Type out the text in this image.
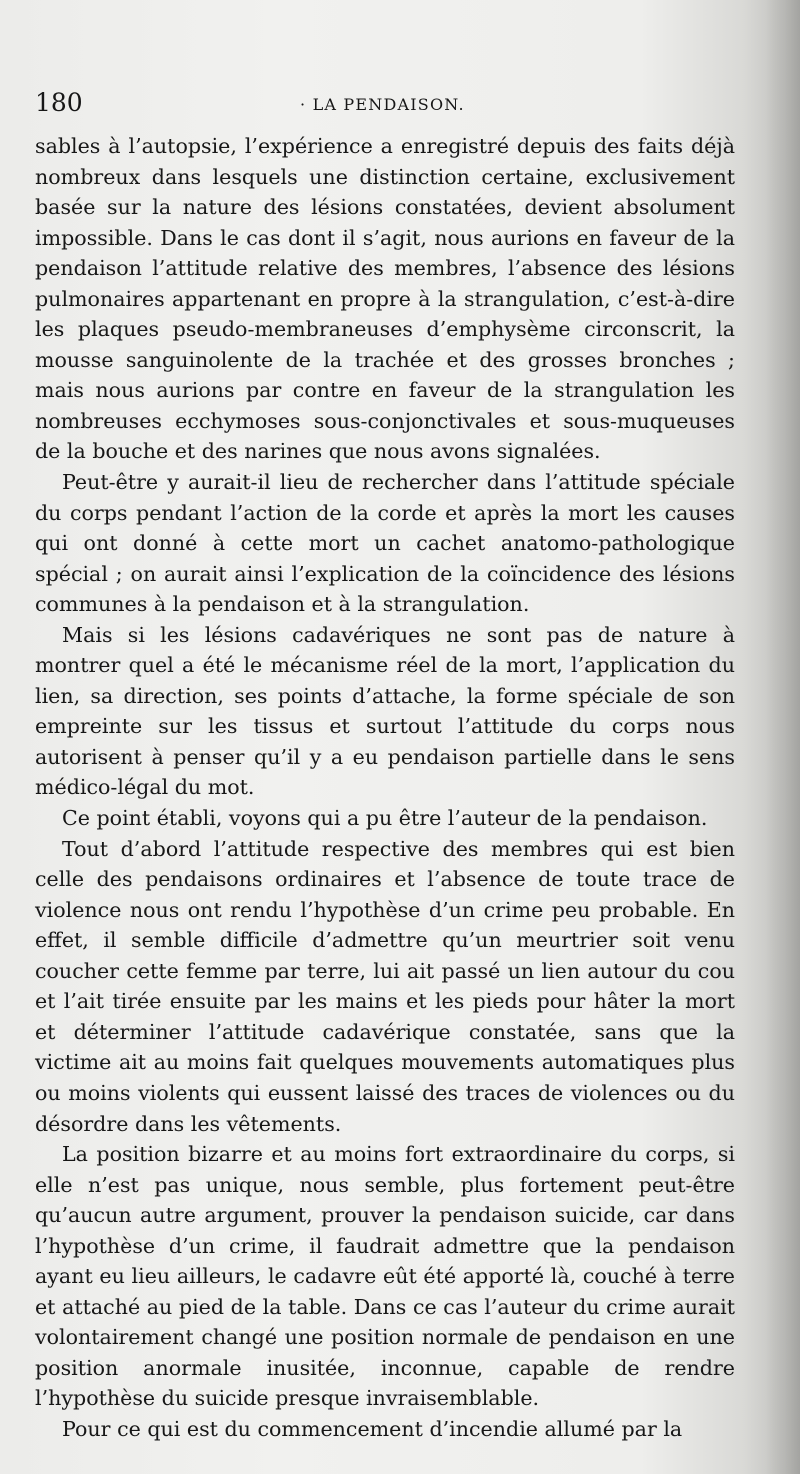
180	· LA PENDAISON.

sables à l’autopsie, l’expérience a enregistré depuis des faits déjà nombreux dans lesquels une distinction certaine, exclusivement basée sur la nature des lésions constatées, devient absolument impossible. Dans le cas dont il s’agit, nous aurions en faveur de la pendaison l’attitude relative des membres, l’absence des lésions pulmonaires appartenant en propre à la strangulation, c’est-à-dire les plaques pseudo-membraneuses d’emphysème circonscrit, la mousse sanguinolente de la trachée et des grosses bronches ; mais nous aurions par contre en faveur de la strangulation les nombreuses ecchymoses sous-conjonctivales et sous-muqueuses de la bouche et des narines que nous avons signalées.

Peut-être y aurait-il lieu de rechercher dans l’attitude spéciale du corps pendant l’action de la corde et après la mort les causes qui ont donné à cette mort un cachet anatomo-pathologique spécial ; on aurait ainsi l’explication de la coïncidence des lésions communes à la pendaison et à la strangulation.

Mais si les lésions cadavériques ne sont pas de nature à montrer quel a été le mécanisme réel de la mort, l’application du lien, sa direction, ses points d’attache, la forme spéciale de son empreinte sur les tissus et surtout l’attitude du corps nous autorisent à penser qu’il y a eu pendaison partielle dans le sens médico-légal du mot.

Ce point établi, voyons qui a pu être l’auteur de la pendaison.

Tout d’abord l’attitude respective des membres qui est bien celle des pendaisons ordinaires et l’absence de toute trace de violence nous ont rendu l’hypothèse d’un crime peu probable. En effet, il semble difficile d’admettre qu’un meurtrier soit venu coucher cette femme par terre, lui ait passé un lien autour du cou et l’ait tirée ensuite par les mains et les pieds pour hâter la mort et déterminer l’attitude cadavérique constatée, sans que la victime ait au moins fait quelques mouvements automatiques plus ou moins violents qui eussent laissé des traces de violences ou du désordre dans les vêtements.

La position bizarre et au moins fort extraordinaire du corps, si elle n’est pas unique, nous semble, plus fortement peut-être qu’aucun autre argument, prouver la pendaison suicide, car dans l’hypothèse d’un crime, il faudrait admettre que la pendaison ayant eu lieu ailleurs, le cadavre eût été apporté là, couché à terre et attaché au pied de la table. Dans ce cas l’auteur du crime aurait volontairement changé une position normale de pendaison en une position anormale inusitée, inconnue, capable de rendre l’hypothèse du suicide presque invraisemblable.

Pour ce qui est du commencement d’incendie allumé par la
